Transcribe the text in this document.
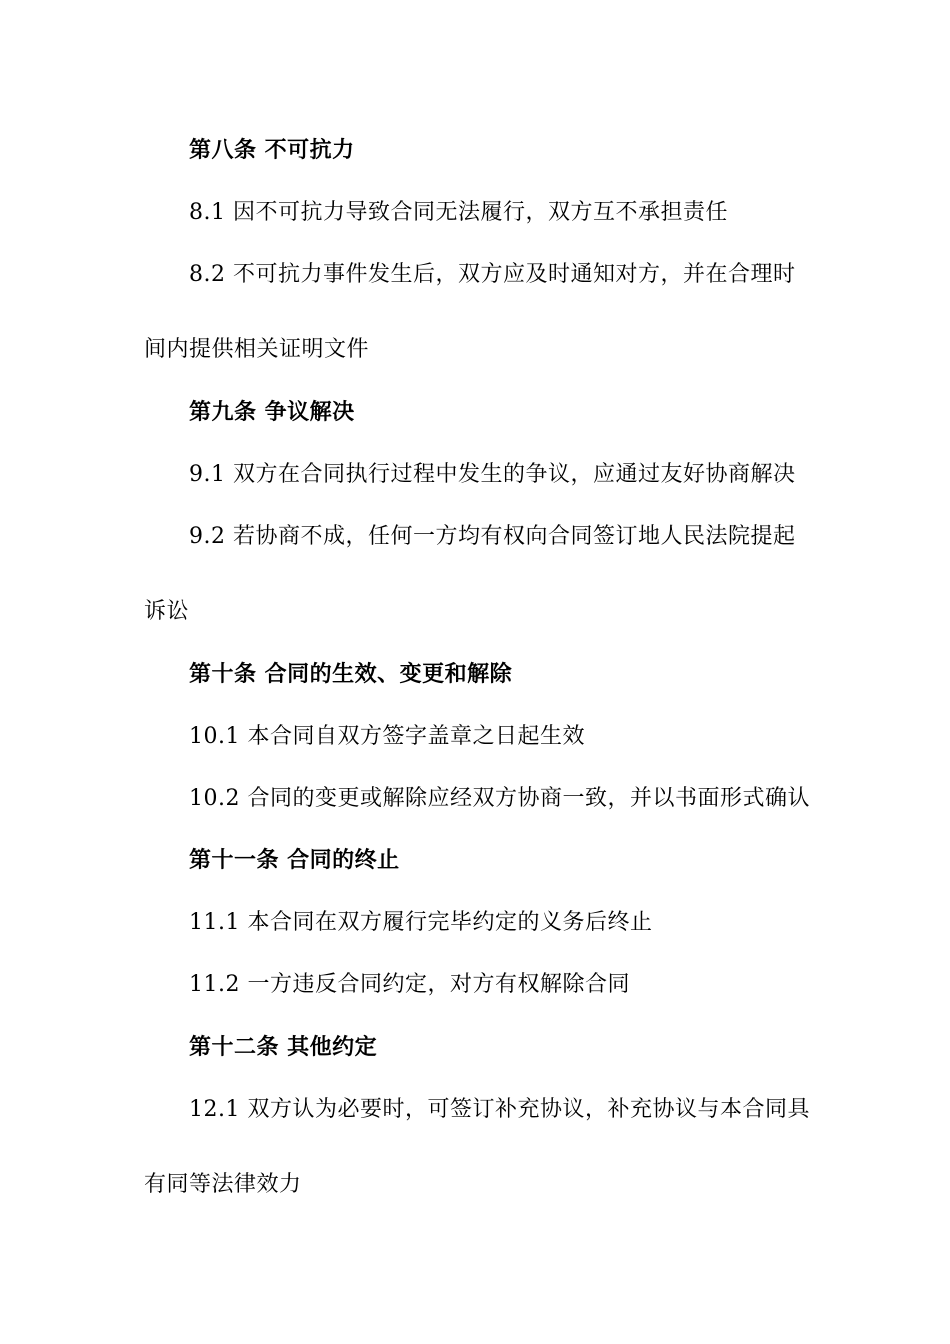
第八条 不可抗力
8.1 因不可抗力导致合同无法履行，双方互不承担责任
8.2 不可抗力事件发生后，双方应及时通知对方，并在合理时
间内提供相关证明文件
第九条 争议解决
9.1 双方在合同执行过程中发生的争议，应通过友好协商解决
9.2 若协商不成，任何一方均有权向合同签订地人民法院提起
诉讼
第十条 合同的生效、变更和解除
10.1 本合同自双方签字盖章之日起生效
10.2 合同的变更或解除应经双方协商一致，并以书面形式确认
第十一条 合同的终止
11.1 本合同在双方履行完毕约定的义务后终止
11.2 一方违反合同约定，对方有权解除合同
第十二条 其他约定
12.1 双方认为必要时，可签订补充协议，补充协议与本合同具
有同等法律效力
